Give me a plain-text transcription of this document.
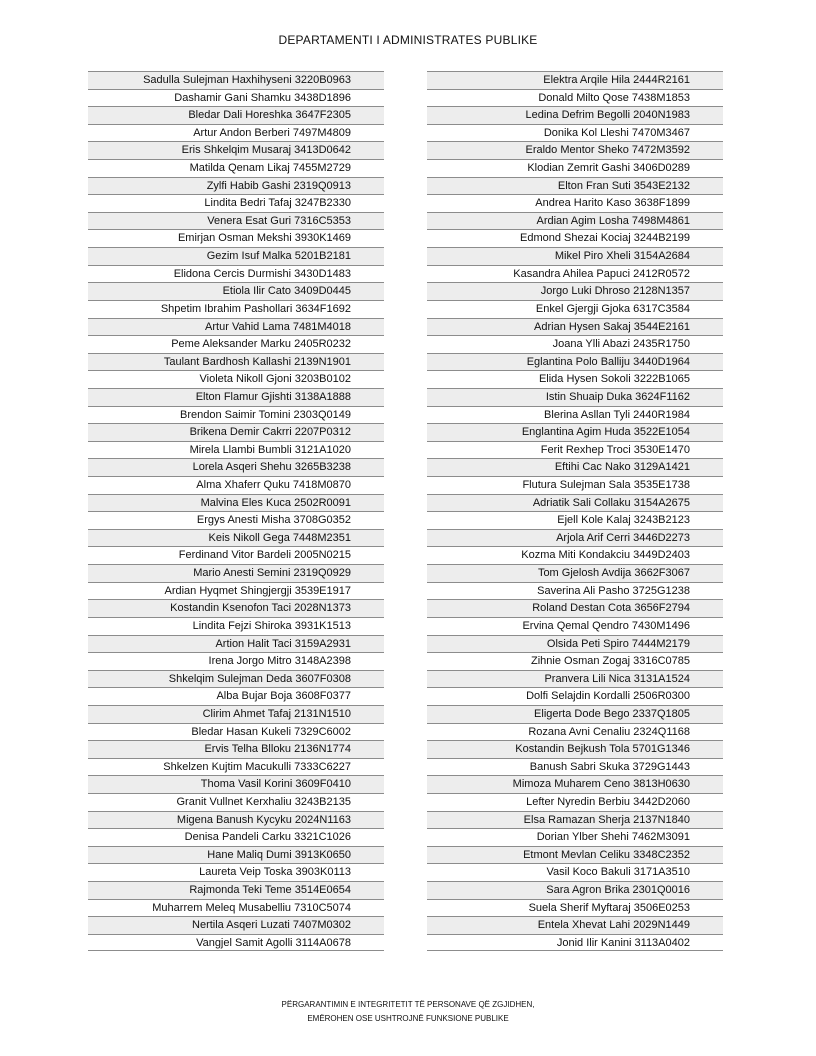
DEPARTAMENTI I ADMINISTRATES PUBLIKE
Sadulla Sulejman Haxhihyseni 3220B0963
Dashamir Gani Shamku 3438D1896
Bledar Dali Horeshka 3647F2305
Artur Andon Berberi 7497M4809
Eris Shkelqim Musaraj 3413D0642
Matilda Qenam Likaj 7455M2729
Zylfi Habib Gashi 2319Q0913
Lindita Bedri Tafaj 3247B2330
Venera Esat Guri 7316C5353
Emirjan Osman Mekshi 3930K1469
Gezim Isuf Malka 5201B2181
Elidona Cercis Durmishi 3430D1483
Etiola Ilir Cato 3409D0445
Shpetim Ibrahim Pashollari 3634F1692
Artur Vahid Lama 7481M4018
Peme Aleksander Marku 2405R0232
Taulant Bardhosh Kallashi 2139N1901
Violeta Nikoll Gjoni 3203B0102
Elton Flamur Gjishti 3138A1888
Brendon Saimir Tomini 2303Q0149
Brikena Demir Cakrri 2207P0312
Mirela Llambi Bumbli 3121A1020
Lorela Asqeri Shehu 3265B3238
Alma Xhaferr Quku 7418M0870
Malvina Eles Kuca 2502R0091
Ergys Anesti Misha 3708G0352
Keis Nikoll Gega 7448M2351
Ferdinand Vitor Bardeli 2005N0215
Mario Anesti Semini 2319Q0929
Ardian Hyqmet Shingjergji 3539E1917
Kostandin Ksenofon Taci 2028N1373
Lindita Fejzi Shiroka 3931K1513
Artion Halit Taci 3159A2931
Irena Jorgo Mitro 3148A2398
Shkelqim Sulejman Deda 3607F0308
Alba Bujar Boja 3608F0377
Clirim Ahmet Tafaj 2131N1510
Bledar Hasan Kukeli 7329C6002
Ervis Telha Blloku 2136N1774
Shkelzen Kujtim Macukulli 7333C6227
Thoma Vasil Korini 3609F0410
Granit Vullnet Kerxhaliu 3243B2135
Migena Banush Kycyku 2024N1163
Denisa Pandeli Carku 3321C1026
Hane Maliq Dumi 3913K0650
Laureta Veip Toska 3903K0113
Rajmonda Teki Teme 3514E0654
Muharrem Meleq Musabelliu 7310C5074
Nertila Asqeri Luzati 7407M0302
Vangjel Samit Agolli 3114A0678
Elektra Arqile Hila 2444R2161
Donald Milto Qose 7438M1853
Ledina Defrim Begolli 2040N1983
Donika Kol Lleshi 7470M3467
Eraldo Mentor Sheko 7472M3592
Klodian Zemrit Gashi 3406D0289
Elton Fran Suti 3543E2132
Andrea Harito Kaso 3638F1899
Ardian Agim Losha 7498M4861
Edmond Shezai Kociaj 3244B2199
Mikel Piro Xheli 3154A2684
Kasandra Ahilea Papuci 2412R0572
Jorgo Luki Dhroso 2128N1357
Enkel Gjergji Gjoka 6317C3584
Adrian Hysen Sakaj 3544E2161
Joana Ylli Abazi 2435R1750
Eglantina Polo Balliju 3440D1964
Elida Hysen Sokoli 3222B1065
Istin Shuaip Duka 3624F1162
Blerina Asllan Tyli 2440R1984
Englantina Agim Huda 3522E1054
Ferit Rexhep Troci 3530E1470
Eftihi Cac Nako 3129A1421
Flutura Sulejman Sala 3535E1738
Adriatik Sali Collaku 3154A2675
Ejell Kole Kalaj 3243B2123
Arjola Arif Cerri 3446D2273
Kozma Miti Kondakciu 3449D2403
Tom Gjelosh Avdija 3662F3067
Saverina Ali Pasho 3725G1238
Roland Destan Cota 3656F2794
Ervina Qemal Qendro 7430M1496
Olsida Peti Spiro 7444M2179
Zihnie Osman Zogaj 3316C0785
Pranvera Lili Nica 3131A1524
Dolfi Selajdin Kordalli 2506R0300
Eligerta Dode Bego 2337Q1805
Rozana Avni Cenaliu 2324Q1168
Kostandin Bejkush Tola 5701G1346
Banush Sabri Skuka 3729G1443
Mimoza Muharem Ceno 3813H0630
Lefter Nyredin Berbiu 3442D2060
Elsa Ramazan Sherja 2137N1840
Dorian Ylber Shehi 7462M3091
Etmont Mevlan Celiku 3348C2352
Vasil Koco Bakuli 3171A3510
Sara Agron Brika 2301Q0016
Suela Sherif Myftaraj 3506E0253
Entela Xhevat Lahi 2029N1449
Jonid Ilir Kanini 3113A0402
PËRGARANTIMIN E INTEGRITETIT TË PERSONAVE QË ZGJIDHEN,
EMËROHEN OSE USHTROJNË FUNKSIONE PUBLIKE
